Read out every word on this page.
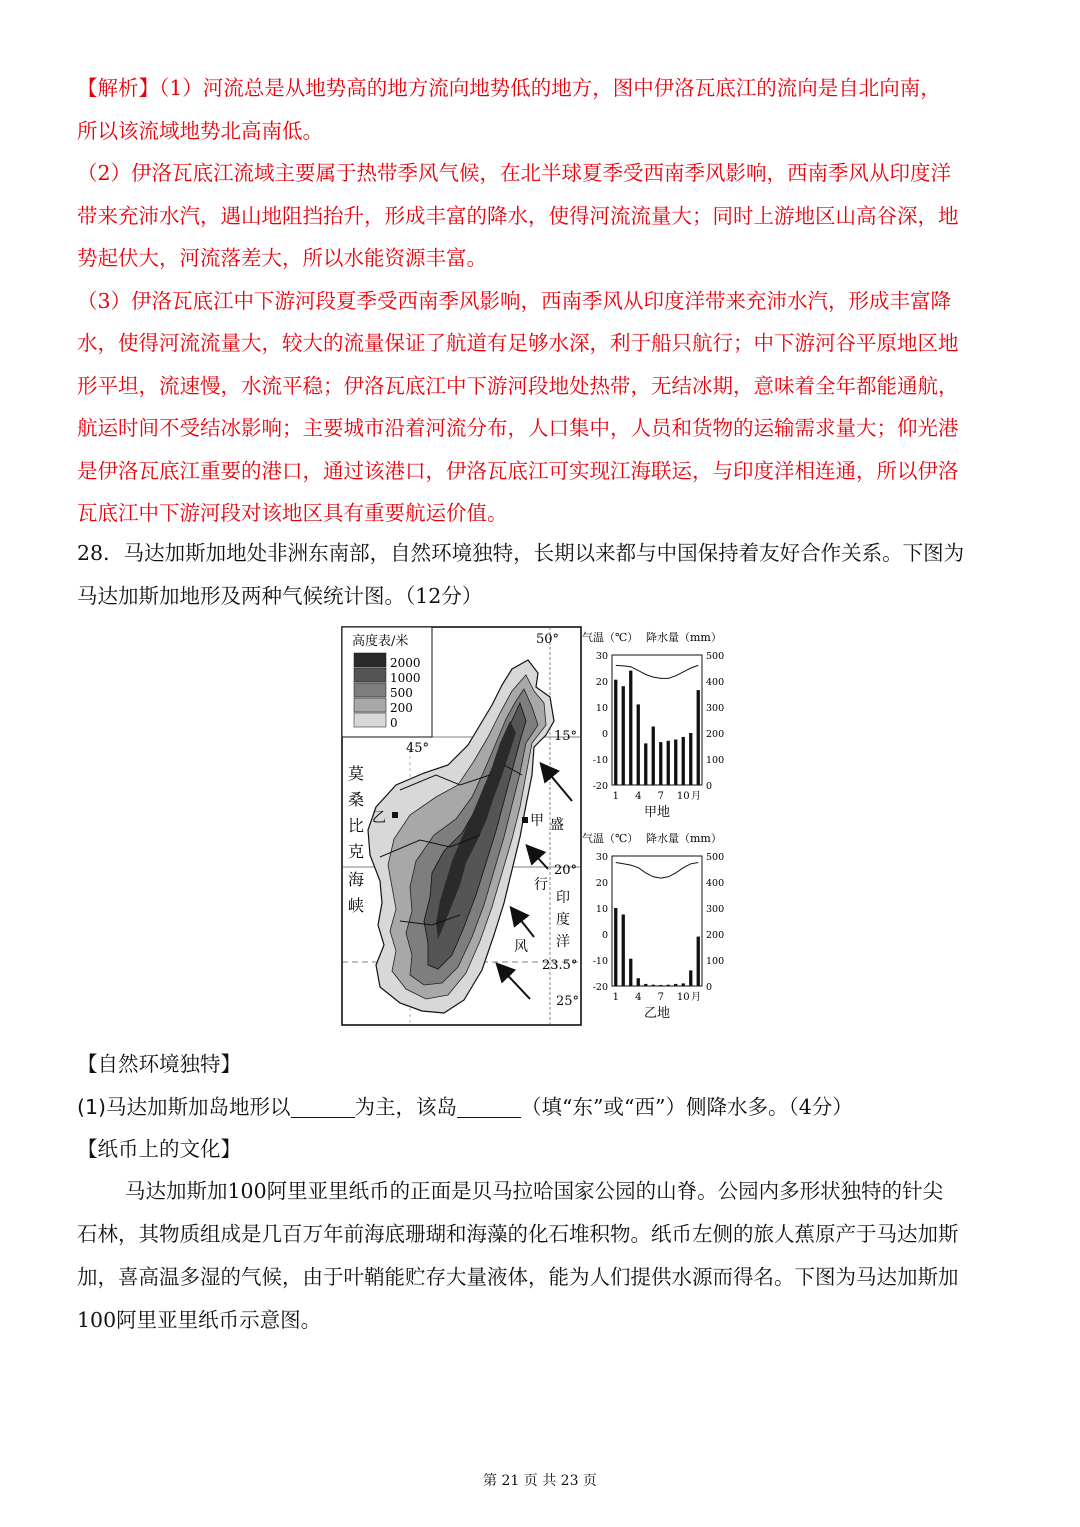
【解析】（1）河流总是从地势高的地方流向地势低的地方，图中伊洛瓦底江的流向是自北向南，
所以该流域地势北高南低。

（2）伊洛瓦底江流域主要属于热带季风气候，在北半球夏季受西南季风影响，西南季风从印度洋
带来充沛水汽，遇山地阻挡抬升，形成丰富的降水，使得河流流量大；同时上游地区山高谷深，地
势起伏大，河流落差大，所以水能资源丰富。

（3）伊洛瓦底江中下游河段夏季受西南季风影响，西南季风从印度洋带来充沛水汽，形成丰富降
水，使得河流流量大，较大的流量保证了航道有足够水深，利于船只航行；中下游河谷平原地区地
形平坦，流速慢，水流平稳；伊洛瓦底江中下游河段地处热带，无结冰期，意味着全年都能通航，
航运时间不受结冰影响；主要城市沿着河流分布，人口集中，人员和货物的运输需求量大；仰光港
是伊洛瓦底江重要的港口，通过该港口，伊洛瓦底江可实现江海联运，与印度洋相连通，所以伊洛
瓦底江中下游河段对该地区具有重要航运价值。

28．马达加斯加地处非洲东南部，自然环境独特，长期以来都与中国保持着友好合作关系。下图为
马达加斯加地形及两种气候统计图。（12分）
高度表/米
2000
1000
500
200
0
50°
45°
15°
20°
23.5°
25°
莫
桑
比
克
海
峡
乙	甲 盛
行
风
印
度
洋
气温（℃） 降水量（mm）
30
20
10
0
-10
-20
500
400
300
200
100
0
1 4 7 10 月
甲地
气温（℃） 降水量（mm）
30
20
10
0
-10
-20
500
400
300
200
100
0
1 4 7 10 月
乙地
【自然环境独特】
(1)马达加斯加岛地形以	为主，该岛	（填“东”或“西”）侧降水多。（4分）
【纸币上的文化】
马达加斯加100阿里亚里纸币的正面是贝马拉哈国家公园的山脊。公园内多形状独特的针尖
石林，其物质组成是几百万年前海底珊瑚和海藻的化石堆积物。纸币左侧的旅人蕉原产于马达加斯
加，喜高温多湿的气候，由于叶鞘能贮存大量液体，能为人们提供水源而得名。下图为马达加斯加
100阿里亚里纸币示意图。
第 21 页 共 23 页
